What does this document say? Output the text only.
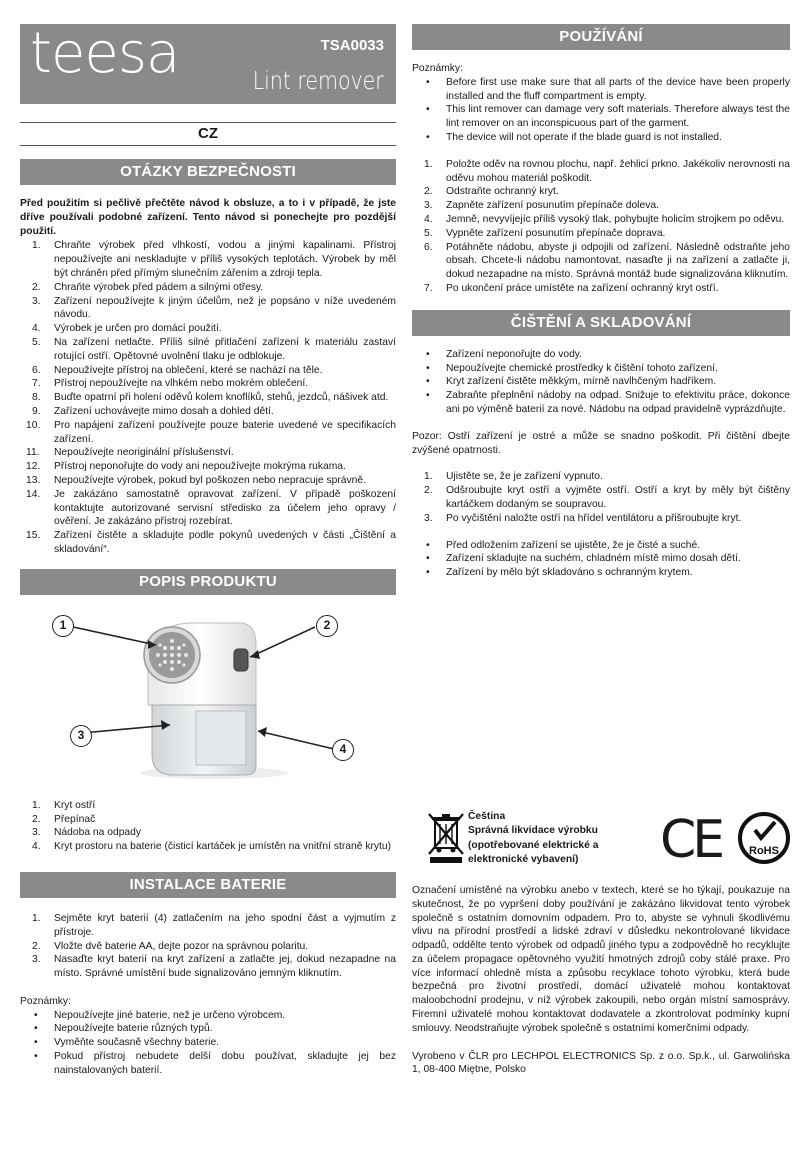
teesa®
TSA0033
Lint remover
CZ
OTÁZKY BEZPEČNOSTI
Před použitím si pečlivě přečtěte návod k obsluze, a to i v případě, že jste dříve používali podobné zařízení. Tento návod si ponechejte pro pozdější použití.
1. Chraňte výrobek před vlhkostí, vodou a jinými kapalinami. Přístroj nepoužívejte ani neskladujte v příliš vysokých teplotách. Výrobek by měl být chráněn před přímým slunečním zářením a zdroji tepla.
2. Chraňte výrobek před pádem a silnými otřesy.
3. Zařízení nepoužívejte k jiným účelům, než je popsáno v níže uvedeném návodu.
4. Výrobek je určen pro domácí použití.
5. Na zařízení netlačte. Příliš silné přitlačení zařízení k materiálu zastaví rotující ostří. Opětovné uvolnění tlaku je odblokuje.
6. Nepoužívejte přístroj na oblečení, které se nachází na těle.
7. Přístroj nepoužívejte na vlhkém nebo mokrém oblečení.
8. Buďte opatrní při holení oděvů kolem knoflíků, stehů, jezdců, nášivek atd.
9. Zařízení uchovávejte mimo dosah a dohled dětí.
10. Pro napájení zařízení používejte pouze baterie uvedené ve specifikacích zařízení.
11. Nepoužívejte neoriginální příslušenství.
12. Přístroj neponořujte do vody ani nepoužívejte mokrýma rukama.
13. Nepoužívejte výrobek, pokud byl poškozen nebo nepracuje správně.
14. Je zakázáno samostatně opravovat zařízení. V případě poškození kontaktujte autorizované servisní středisko za účelem jeho opravy / ověření. Je zakázáno přístroj rozebírat.
15. Zařízení čistěte a skladujte podle pokynů uvedených v části „Čištění a skladování“.
POPIS PRODUKTU
1	2
3
4
1. Kryt ostří
2. Přepínač
3. Nádoba na odpady
4. Kryt prostoru na baterie (čisticí kartáček je umístěn na vnitřní straně krytu)
INSTALACE BATERIE
1. Sejměte kryt baterií (4) zatlačením na jeho spodní část a vyjmutím z přístroje.
2. Vložte dvě baterie AA, dejte pozor na správnou polaritu.
3. Nasaďte kryt baterií na kryt zařízení a zatlačte jej, dokud nezapadne na místo. Správné umístění bude signalizováno jemným kliknutím.
Poznámky:
• Nepoužívejte jiné baterie, než je určeno výrobcem.
• Nepoužívejte baterie různých typů.
• Vyměňte současně všechny baterie.
• Pokud přístroj nebudete delší dobu používat, skladujte jej bez nainstalovaných baterií.
POUŽÍVÁNÍ
Poznámky:
• Before first use make sure that all parts of the device have been properly installed and the fluff compartment is empty.
• This lint remover can damage very soft materials. Therefore always test the lint remover on an inconspicuous part of the garment.
• The device will not operate if the blade guard is not installed.
1. Položte oděv na rovnou plochu, např. žehlicí prkno. Jakékoliv nerovnosti na oděvu mohou materiál poškodit.
2. Odstraňte ochranný kryt.
3. Zapněte zařízení posunutím přepínače doleva.
4. Jemně, nevyvíjejíc příliš vysoký tlak, pohybujte holicím strojkem po oděvu.
5. Vypněte zařízení posunutím přepínače doprava.
6. Potáhněte nádobu, abyste ji odpojili od zařízení. Následně odstraňte jeho obsah. Chcete-li nádobu namontovat, nasaďte ji na zařízení a zatlačte ji, dokud nezapadne na místo. Správná montáž bude signalizována kliknutím.
7. Po ukončení práce umístěte na zařízení ochranný kryt ostří.
ČIŠTĚNÍ A SKLADOVÁNÍ
• Zařízení neponořujte do vody.
• Nepoužívejte chemické prostředky k čištění tohoto zařízení.
• Kryt zařízení čistěte měkkým, mírně navlhčeným hadříkem.
• Zabraňte přeplnění nádoby na odpad. Snižuje to efektivitu práce, dokonce ani po výměně baterií za nové. Nádobu na odpad pravidelně vyprázdňujte.
Pozor: Ostří zařízení je ostré a může se snadno poškodit. Při čištění dbejte zvýšené opatrnosti.
1. Ujistěte se, že je zařízení vypnuto.
2. Odšroubujte kryt ostří a vyjměte ostří. Ostří a kryt by měly být čištěny kartáčkem dodaným se soupravou.
3. Po vyčištění naložte ostří na hřídel ventilátoru a přišroubujte kryt.
• Před odložením zařízení se ujistěte, že je čisté a suché.
• Zařízení skladujte na suchém, chladném místě mimo dosah dětí.
• Zařízení by mělo být skladováno s ochranným krytem.
Čeština
Správná likvidace výrobku
(opotřebované elektrické a
elektronické vybavení)	CE	RoHS
Označení umístěné na výrobku anebo v textech, které se ho týkají, poukazuje na skutečnost, že po vypršení doby používání je zakázáno likvidovat tento výrobek společně s ostatním domovním odpadem. Pro to, abyste se vyhnuli škodlivému vlivu na přírodní prostředí a lidské zdraví v důsledku nekontrolované likvidace odpadů, oddělte tento výrobek od odpadů jiného typu a zodpovědně ho recyklujte za účelem propagace opětovného využití hmotných zdrojů coby stálé praxe. Pro více informací ohledně místa a způsobu recyklace tohoto výrobku, která bude bezpečná pro životní prostředí, domácí uživatelé mohou kontaktovat maloobchodní prodejnu, v níž výrobek zakoupili, nebo orgán místní samosprávy. Firemní uživatelé mohou kontaktovat dodavatele a zkontrolovat podmínky kupní smlouvy. Neodstraňujte výrobek společně s ostatními komerčními odpady.
Vyrobeno v ČLR pro LECHPOL ELECTRONICS Sp. z o.o. Sp.k., ul. Garwolińska 1, 08-400 Miętne, Polsko
